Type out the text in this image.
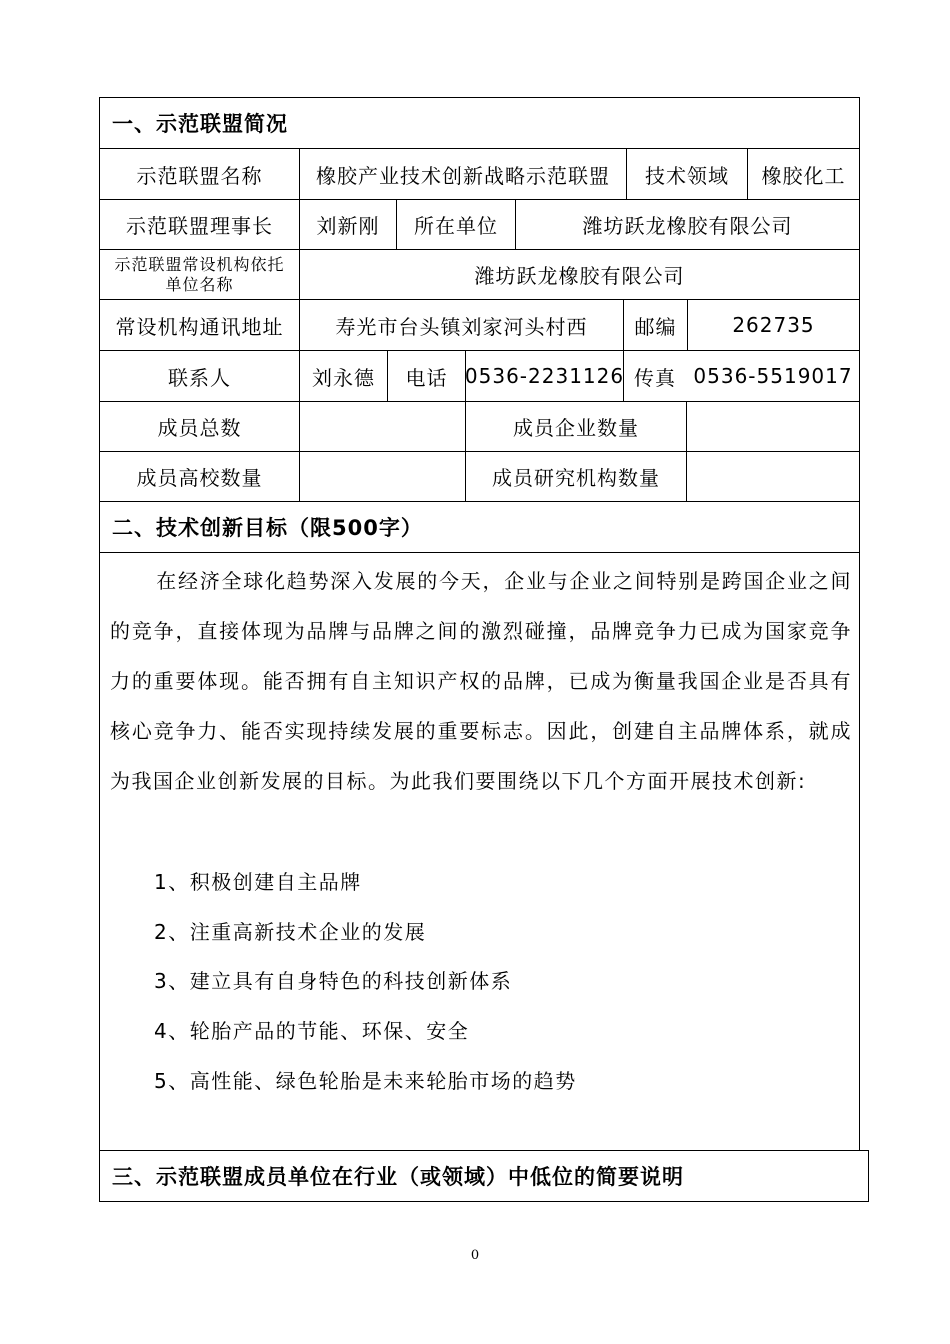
一、示范联盟简况
示范联盟名称	橡胶产业技术创新战略示范联盟	技术领域	橡胶化工
示范联盟理事长	刘新刚	所在单位	潍坊跃龙橡胶有限公司
示范联盟常设机构依托单位名称	潍坊跃龙橡胶有限公司
常设机构通讯地址	寿光市台头镇刘家河头村西	邮编	262735
联系人	刘永德	电话 0536-2231126 传真 0536-5519017
成员总数	成员企业数量
成员高校数量	成员研究机构数量
二、技术创新目标（限500字）
在经济全球化趋势深入发展的今天，企业与企业之间特别是跨国企业之间的竞争，直接体现为品牌与品牌之间的激烈碰撞，品牌竞争力已成为国家竞争力的重要体现。能否拥有自主知识产权的品牌，已成为衡量我国企业是否具有核心竞争力、能否实现持续发展的重要标志。因此，创建自主品牌体系，就成为我国企业创新发展的目标。为此我们要围绕以下几个方面开展技术创新:
1、积极创建自主品牌
2、注重高新技术企业的发展
3、建立具有自身特色的科技创新体系
4、轮胎产品的节能、环保、安全
5、高性能、绿色轮胎是未来轮胎市场的趋势
三、示范联盟成员单位在行业（或领域）中低位的简要说明
0
